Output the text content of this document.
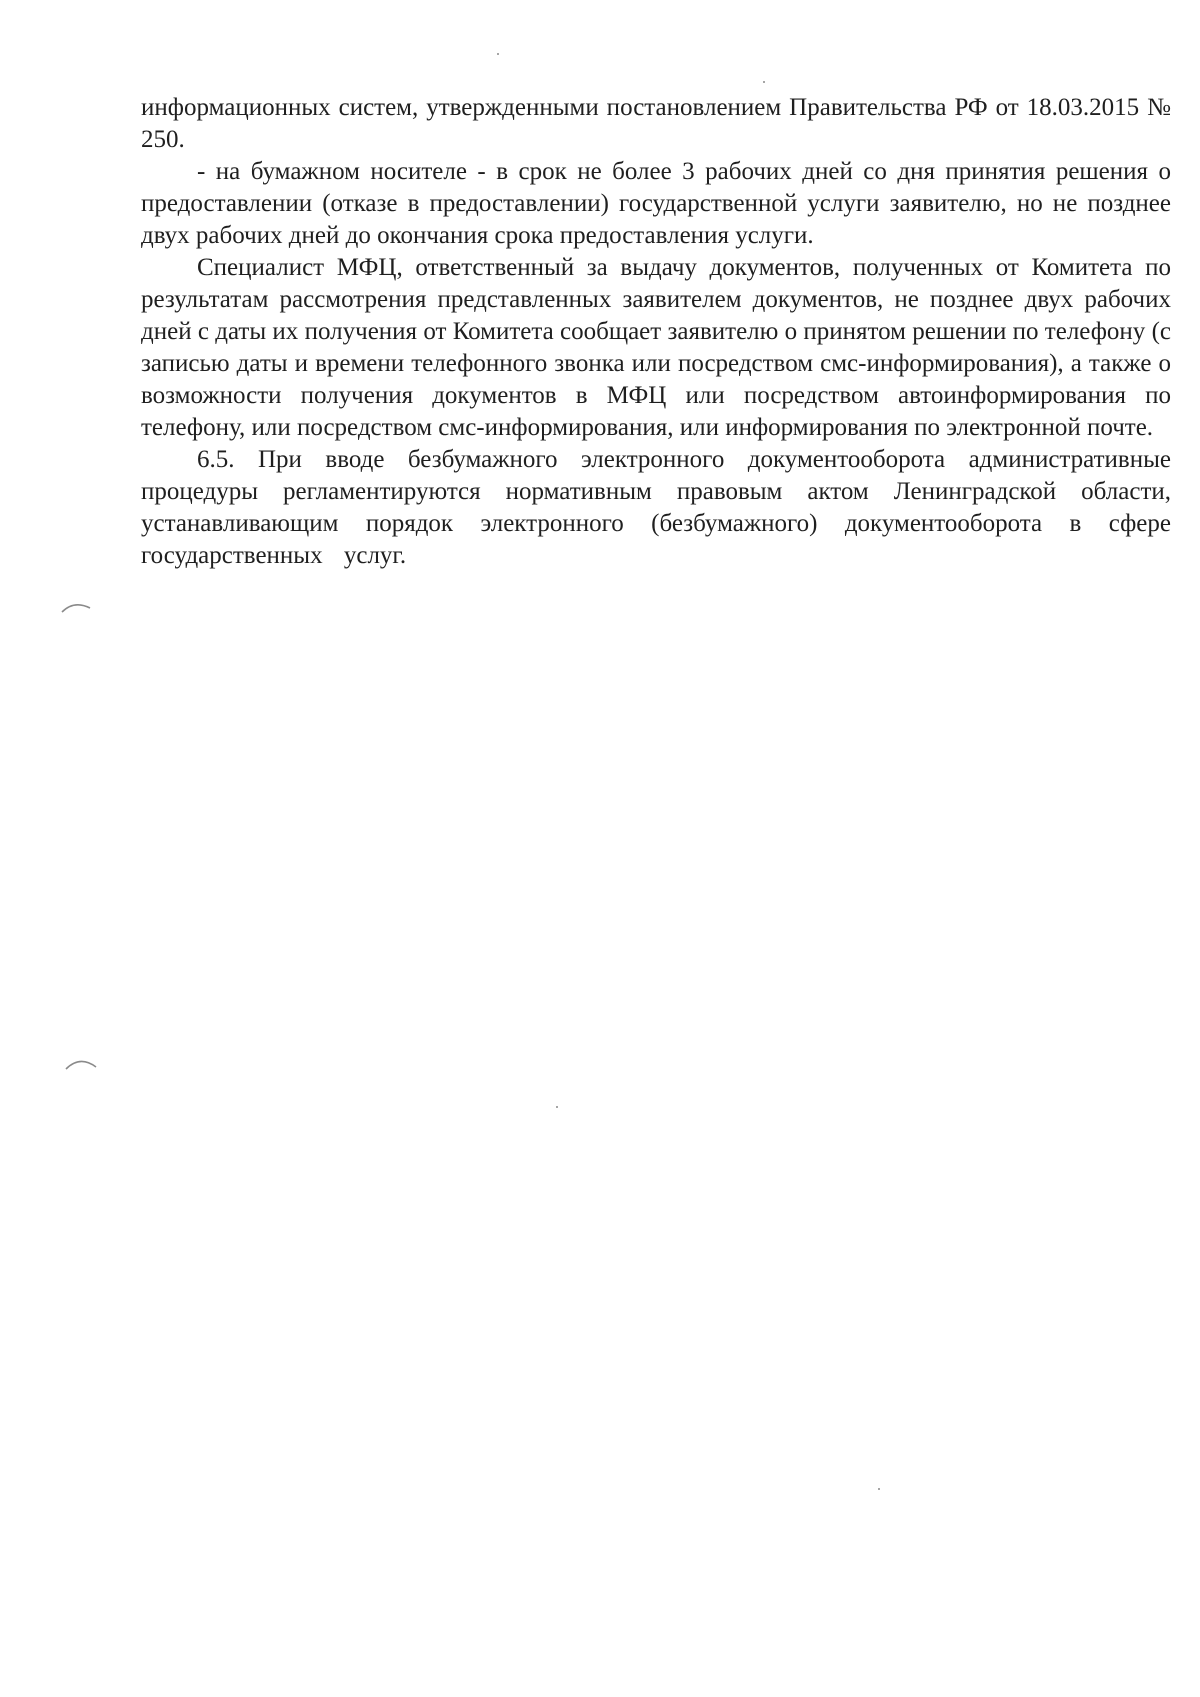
информационных систем, утвержденными постановлением Правительства РФ от 18.03.2015 № 250.

- на бумажном носителе - в срок не более 3 рабочих дней со дня принятия решения о предоставлении (отказе в предоставлении) государственной услуги заявителю, но не позднее двух рабочих дней до окончания срока предоставления услуги.

Специалист МФЦ, ответственный за выдачу документов, полученных от Комитета по результатам рассмотрения представленных заявителем документов, не позднее двух рабочих дней с даты их получения от Комитета сообщает заявителю о принятом решении по телефону (с записью даты и времени телефонного звонка или посредством смс-информирования), а также о возможности получения документов в МФЦ или посредством автоинформирования по телефону, или посредством смс-информирования, или информирования по электронной почте.

6.5. При вводе безбумажного электронного документооборота административные процедуры регламентируются нормативным правовым актом Ленинградской области, устанавливающим порядок электронного (безбумажного) документооборота в сфере государственных услуг.
